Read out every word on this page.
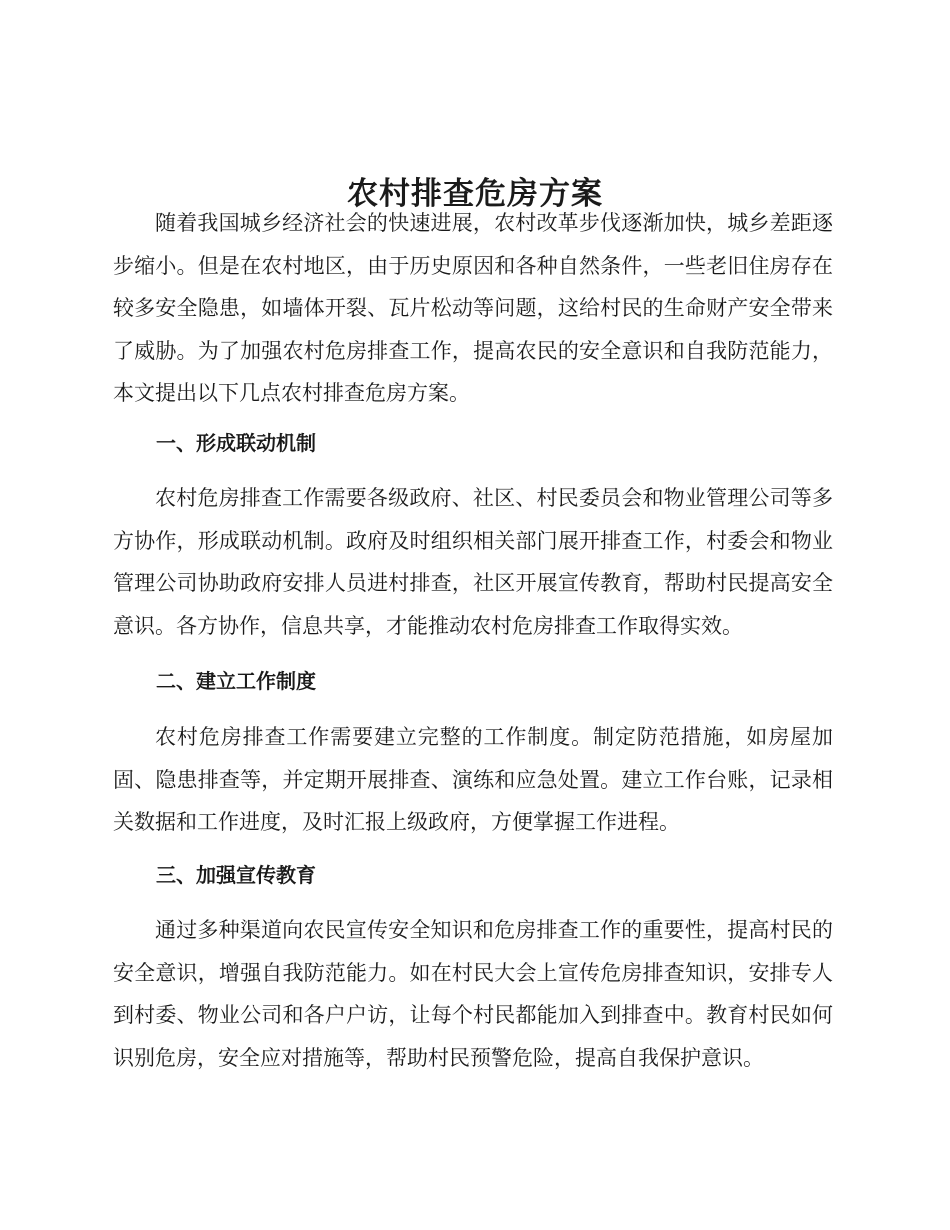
农村排查危房方案

随着我国城乡经济社会的快速进展，农村改革步伐逐渐加快，城乡差距逐步缩小。但是在农村地区，由于历史原因和各种自然条件，一些老旧住房存在较多安全隐患，如墙体开裂、瓦片松动等问题，这给村民的生命财产安全带来了威胁。为了加强农村危房排查工作，提高农民的安全意识和自我防范能力，本文提出以下几点农村排查危房方案。

一、形成联动机制

农村危房排查工作需要各级政府、社区、村民委员会和物业管理公司等多方协作，形成联动机制。政府及时组织相关部门展开排查工作，村委会和物业管理公司协助政府安排人员进村排查，社区开展宣传教育，帮助村民提高安全意识。各方协作，信息共享，才能推动农村危房排查工作取得实效。

二、建立工作制度

农村危房排查工作需要建立完整的工作制度。制定防范措施，如房屋加固、隐患排查等，并定期开展排查、演练和应急处置。建立工作台账，记录相关数据和工作进度，及时汇报上级政府，方便掌握工作进程。

三、加强宣传教育

通过多种渠道向农民宣传安全知识和危房排查工作的重要性，提高村民的安全意识，增强自我防范能力。如在村民大会上宣传危房排查知识，安排专人到村委、物业公司和各户户访，让每个村民都能加入到排查中。教育村民如何识别危房，安全应对措施等，帮助村民预警危险，提高自我保护意识。
